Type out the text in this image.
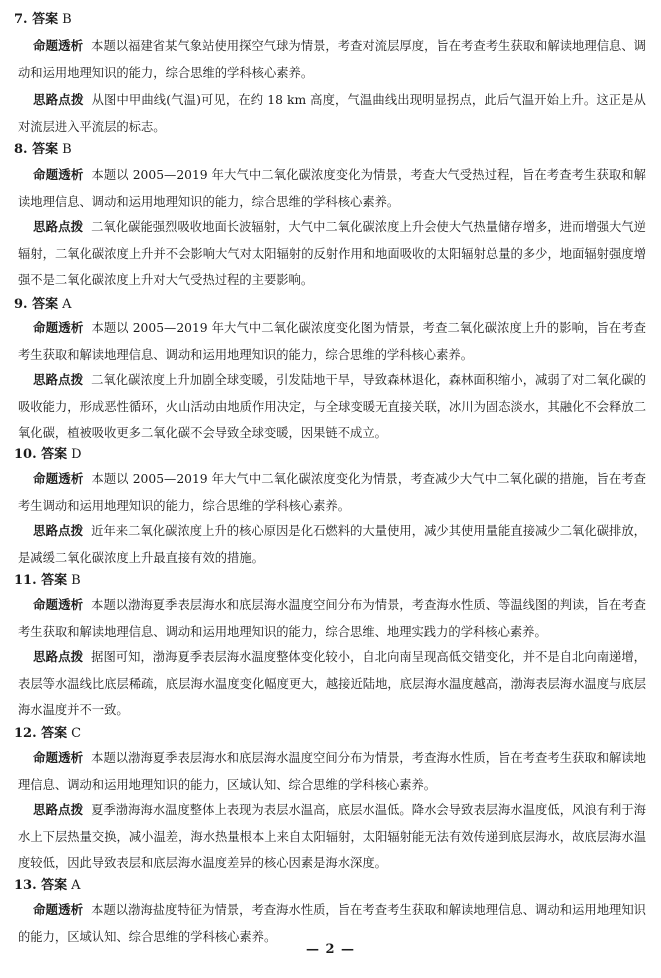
7. 答案 B
命题透析 本题以福建省某气象站使用探空气球为情景，考查对流层厚度，旨在考查考生获取和解读地理信息、调动和运用地理知识的能力，综合思维的学科核心素养。
思路点拨 从图中甲曲线(气温)可见，在约 18 km 高度，气温曲线出现明显拐点，此后气温开始上升。这正是从对流层进入平流层的标志。
8. 答案 B
命题透析 本题以 2005—2019 年大气中二氧化碳浓度变化为情景，考查大气受热过程，旨在考查考生获取和解读地理信息、调动和运用地理知识的能力，综合思维的学科核心素养。
思路点拨 二氧化碳能强烈吸收地面长波辐射，大气中二氧化碳浓度上升会使大气热量储存增多，进而增强大气逆辐射，二氧化碳浓度上升并不会影响大气对太阳辐射的反射作用和地面吸收的太阳辐射总量的多少，地面辐射强度增强不是二氧化碳浓度上升对大气受热过程的主要影响。
9. 答案 A
命题透析 本题以 2005—2019 年大气中二氧化碳浓度变化图为情景，考查二氧化碳浓度上升的影响，旨在考查考生获取和解读地理信息、调动和运用地理知识的能力，综合思维的学科核心素养。
思路点拨 二氧化碳浓度上升加剧全球变暖，引发陆地干旱，导致森林退化，森林面积缩小，减弱了对二氧化碳的吸收能力，形成恶性循环，火山活动由地质作用决定，与全球变暖无直接关联，冰川为固态淡水，其融化不会释放二氧化碳，植被吸收更多二氧化碳不会导致全球变暖，因果链不成立。
10. 答案 D
命题透析 本题以 2005—2019 年大气中二氧化碳浓度变化为情景，考查减少大气中二氧化碳的措施，旨在考查考生调动和运用地理知识的能力，综合思维的学科核心素养。
思路点拨 近年来二氧化碳浓度上升的核心原因是化石燃料的大量使用，减少其使用量能直接减少二氧化碳排放，是减缓二氧化碳浓度上升最直接有效的措施。
11. 答案 B
命题透析 本题以渤海夏季表层海水和底层海水温度空间分布为情景，考查海水性质、等温线图的判读，旨在考查考生获取和解读地理信息、调动和运用地理知识的能力，综合思维、地理实践力的学科核心素养。
思路点拨 据图可知，渤海夏季表层海水温度整体变化较小，自北向南呈现高低交错变化，并不是自北向南递增，表层等水温线比底层稀疏，底层海水温度变化幅度更大，越接近陆地，底层海水温度越高，渤海表层海水温度与底层海水温度并不一致。
12. 答案 C
命题透析 本题以渤海夏季表层海水和底层海水温度空间分布为情景，考查海水性质，旨在考查考生获取和解读地理信息、调动和运用地理知识的能力，区域认知、综合思维的学科核心素养。
思路点拨 夏季渤海海水温度整体上表现为表层水温高，底层水温低。降水会导致表层海水温度低，风浪有利于海水上下层热量交换，减小温差，海水热量根本上来自太阳辐射，太阳辐射能无法有效传递到底层海水，故底层海水温度较低，因此导致表层和底层海水温度差异的核心因素是海水深度。
13. 答案 A
命题透析 本题以渤海盐度特征为情景，考查海水性质，旨在考查考生获取和解读地理信息、调动和运用地理知识的能力，区域认知、综合思维的学科核心素养。
— 2 —
